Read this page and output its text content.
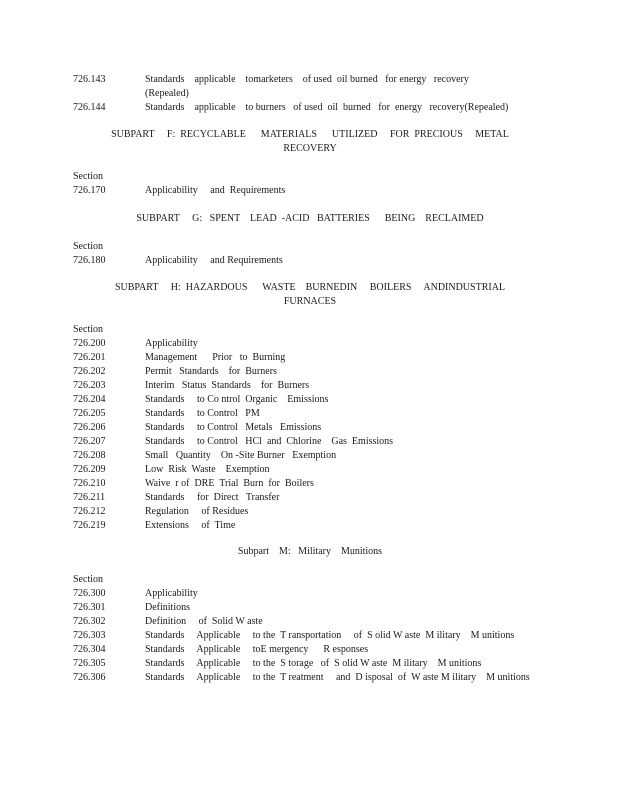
726.143	Standards    applicable    tomarketers    of used  oil burned   for energy   recovery
(Repealed)
726.144	Standards    applicable    to burners   of used  oil  burned   for  energy   recovery(Repealed)
SUBPART     F:  RECYCLABLE      MATERIALS      UTILIZED     FOR  PRECIOUS     METAL
RECOVERY
Section
726.170	Applicability     and  Requirements
SUBPART     G:   SPENT    LEAD  -ACID   BATTERIES      BEING    RECLAIMED
Section
726.180	Applicability     and Requirements
SUBPART     H:  HAZARDOUS      WASTE    BURNEDIN     BOILERS     ANDINDUSTRIAL
FURNACES
Section
726.200	Applicability
726.201	Management      Prior   to  Burning
726.202	Permit   Standards    for  Burners
726.203	Interim   Status  Standards    for  Burners
726.204	Standards     to Co ntrol  Organic    Emissions
726.205	Standards     to Control   PM
726.206	Standards     to Control   Metals   Emissions
726.207	Standards     to Control   HCl  and  Chlorine    Gas  Emissions
726.208	Small   Quantity    On -Site Burner   Exemption
726.209	Low  Risk  Waste    Exemption
726.210	Waive  r of  DRE  Trial  Burn  for  Boilers
726.211	Standards     for  Direct   Transfer
726.212	Regulation     of Residues
726.219	Extensions     of  Time
Subpart    M:   Military    Munitions
Section
726.300	Applicability
726.301	Definitions
726.302	Definition     of  Solid W aste
726.303	Standards     Applicable     to the  T ransportation     of  S olid W aste  M ilitary    M unitions
726.304	Standards     Applicable     toE mergency      R esponses
726.305	Standards     Applicable     to the  S torage   of  S olid W aste  M ilitary    M unitions
726.306	Standards     Applicable     to the  T reatment     and  D isposal  of  W aste M ilitary    M unitions
